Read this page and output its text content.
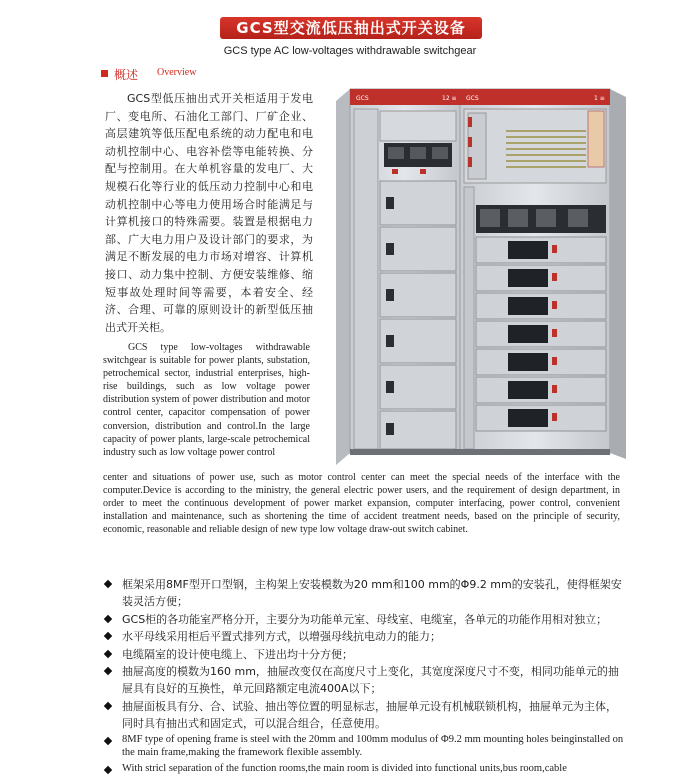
GCS型交流低压抽出式开关设备
GCS type AC low-voltages withdrawable switchgear
概述 Overview
GCS型低压抽出式开关柜适用于发电厂、变电所、石油化工部门、厂矿企业、高层建筑等低压配电系统的动力配电和电动机控制中心、电容补偿等电能转换、分配与控制用。在大单机容量的发电厂、大规模石化等行业的低压动力控制中心和电动机控制中心等电力使用场合时能满足与计算机接口的特殊需要。装置是根据电力部、广大电力用户及设计部门的要求，为满足不断发展的电力市场对增容、计算机接口、动力集中控制、方便安装维修、缩短事故处理时间等需要，本着安全、经济、合理、可靠的原则设计的新型低压抽出式开关柜。
GCS type low-voltages withdrawable switchgear is suitable for power plants, substation, petrochemical sector, industrial enterprises, high-rise buildings, such as low voltage power distribution system of power distribution and motor control center, capacitor compensation of power conversion, distribution and control.In the large capacity of power plants, large-scale petrochemical industry such as low voltage power control
center and situations of power use, such as motor control center can meet the special needs of the interface with the computer.Device is according to the ministry, the general electric power users, and the requirement of design department, in order to meet the continuous development of power market expansion, computer interfacing, power control, convenient installation and maintenance, such as shortening the time of accident treatment needs, based on the principle of security, economic, reasonable and reliable design of new type low voltage draw-out switch cabinet.
GCS	12 ≡ GCS	1 ≡
框架采用8MF型开口型钢，主构架上安装模数为20 mm和100 mm的Φ9.2 mm的安装孔，使得框架安装灵活方便；
GCS柜的各功能室严格分开，主要分为功能单元室、母线室、电缆室，各单元的功能作用相对独立；
水平母线采用柜后平置式排列方式，以增强母线抗电动力的能力；
电缆隔室的设计使电缆上、下进出均十分方便；
抽屉高度的模数为160 mm，抽屉改变仅在高度尺寸上变化，其宽度深度尺寸不变，相同功能单元的抽屉具有良好的互换性，单元回路额定电流400A以下；
抽屉面板具有分、合、试验、抽出等位置的明显标志，抽屉单元设有机械联锁机构，抽屉单元为主体，同时具有抽出式和固定式，可以混合组合，任意使用。
8MF type of opening frame is steel with the 20mm and 100mm modulus of Φ9.2 mm mounting holes beinginstalled on the main frame,making the framework flexible assembly.
With stricl separation of the function rooms,the main room is divided into functional units,bus room,cable
